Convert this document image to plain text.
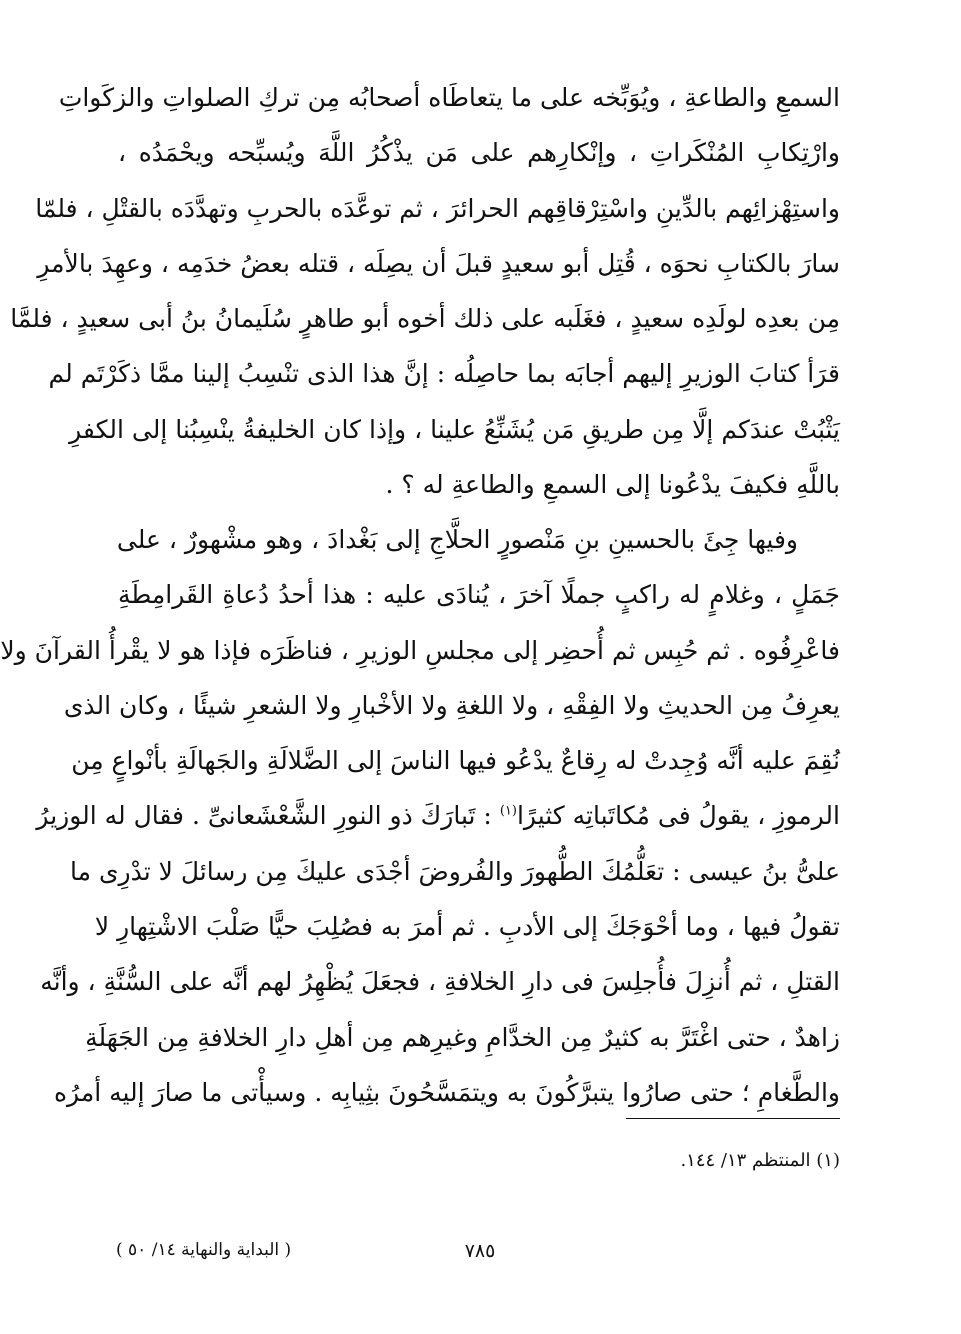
السمعِ والطاعةِ ، ويُوَبِّخه على ما يتعاطَاه أصحابُه مِن تركِ الصلواتِ والزكَواتِ
وارْتِكابِ المُنْكَراتِ ، وإنْكارِهم على مَن يذْكُرُ اللَّهَ ويُسبِّحه ويحْمَدُه ،
واستِهْزائِهم بالدِّينِ واسْتِرْقاقِهم الحرائرَ ، ثم توعَّدَه بالحربِ وتهدَّدَه بالقتْلِ ، فلمّا
سارَ بالكتابِ نحوَه ، قُتِل أبو سعيدٍ قبلَ أن يصِلَه ، قتله بعضُ خدَمِه ، وعهِدَ بالأمرِ
مِن بعدِه لولَدِه سعيدٍ ، فغَلَبه على ذلك أخوه أبو طاهرٍ سُلَيمانُ بنُ أبى سعيدٍ ، فلمَّا
قرَأ كتابَ الوزيرِ إليهم أجابَه بما حاصِلُه : إنَّ هذا الذى تنْسِبُ إلينا ممَّا ذكَرْتَم لم
يَثْبُتْ عندَكم إلَّا مِن طريقِ مَن يُشَنِّعُ علينا ، وإذا كان الخليفةُ ينْسِبُنا إلى الكفرِ
باللَّهِ فكيفَ يدْعُونا إلى السمعِ والطاعةِ له ؟ .
وفيها جِئَ بالحسينِ بنِ مَنْصورٍ الحلَّاجِ إلى بَغْدادَ ، وهو مشْهورٌ ، على
جَمَلٍ ، وغلامٍ له راكبٍ جملًا آخرَ ، يُنادَى عليه : هذا أحدُ دُعاةِ القَرامِطَةِ
فاعْرِفُوه . ثم حُبِس ثم أُحضِر إلى مجلسِ الوزيرِ ، فناظَرَه فإذا هو لا يقْرأُ القرآنَ ولا
يعرِفُ مِن الحديثِ ولا الفِقْهِ ، ولا اللغةِ ولا الأخْبارِ ولا الشعرِ شيئًا ، وكان الذى
نُقِمَ عليه أنَّه وُجِدتْ له رِقاعٌ يدْعُو فيها الناسَ إلى الضَّلالَةِ والجَهالَةِ بأنْواعٍ مِن
الرموزِ ، يقولُ فى مُكاتَباتِه كثيرًا$^{(١)}$ : تَبارَكَ ذو النورِ الشَّعْشَعانىِّ . فقال له الوزيرُ
علىُّ بنُ عيسى : تعَلُّمُكَ الطُّهورَ والفُروضَ أجْدَى عليكَ مِن رسائلَ لا تدْرِى ما
تقولُ فيها ، وما أحْوَجَكَ إلى الأدبِ . ثم أمرَ به فصُلِبَ حيًّا صَلْبَ الاشْتِهارِ لا
القتلِ ، ثم أُنزِلَ فأُجلِسَ فى دارِ الخلافةِ ، فجعَلَ يُظْهِرُ لهم أنَّه على السُّنَّةِ ، وأنَّه
زاهدٌ ، حتى اغْتَرَّ به كثيرٌ مِن الخدَّامِ وغيرِهم مِن أهلِ دارِ الخلافةِ مِن الجَهَلَةِ
والطَّغامِ ؛ حتى صارُوا يتبرَّكُونَ به ويتمَسَّحُونَ بثِيابِه . وسيأْتى ما صارَ إليه أمرُه
(١) المنتظم ١٣/ ١٤٤.
٧٨٥
( البداية والنهاية ١٤/ ٥٠ )
